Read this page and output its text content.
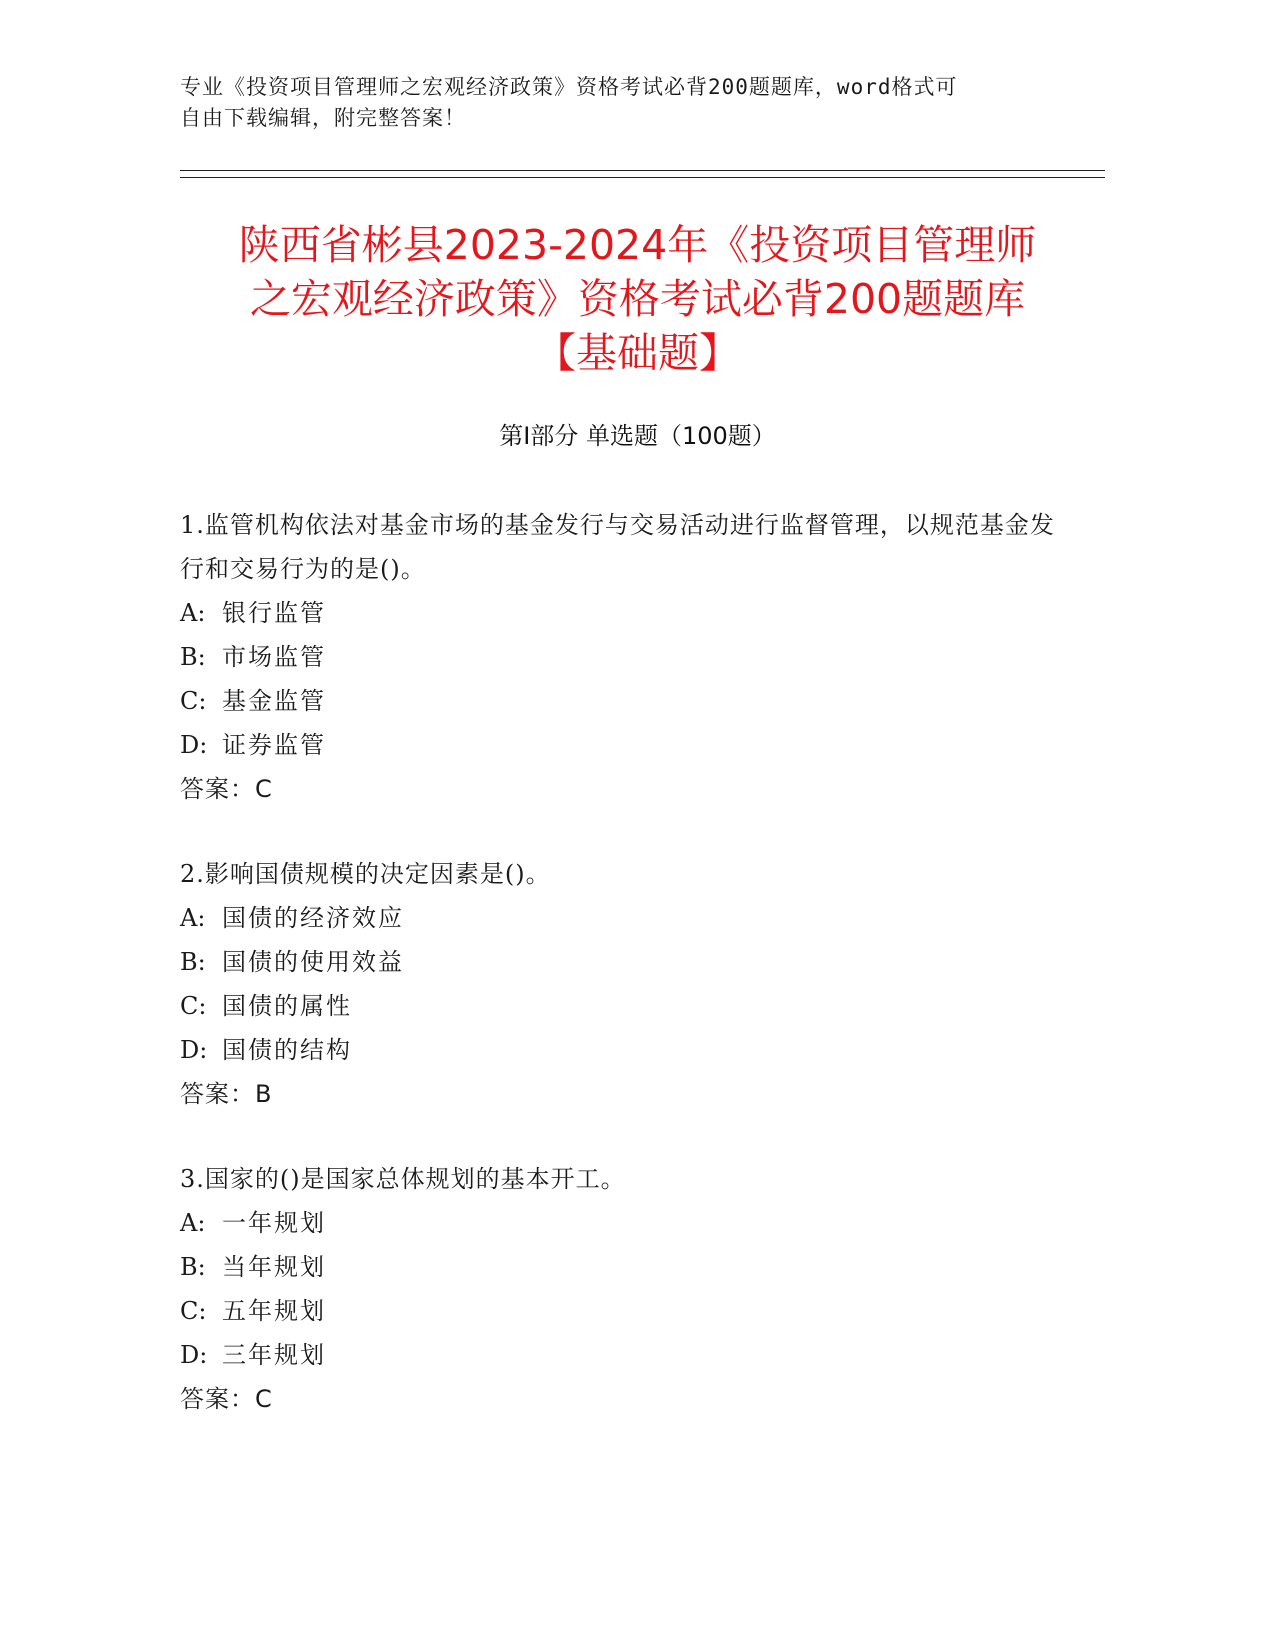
专业《投资项目管理师之宏观经济政策》资格考试必背200题题库，word格式可
自由下载编辑，附完整答案！
陕西省彬县2023-2024年《投资项目管理师
之宏观经济政策》资格考试必背200题题库
【基础题】
第Ⅰ部分 单选题（100题）
1.监管机构依法对基金市场的基金发行与交易活动进行监督管理，以规范基金发行和交易行为的是()。
A: 银行监管
B: 市场监管
C: 基金监管
D: 证券监管
答案：C
2.影响国债规模的决定因素是()。
A: 国债的经济效应
B: 国债的使用效益
C: 国债的属性
D: 国债的结构
答案：B
3.国家的()是国家总体规划的基本开工。
A: 一年规划
B: 当年规划
C: 五年规划
D: 三年规划
答案：C
